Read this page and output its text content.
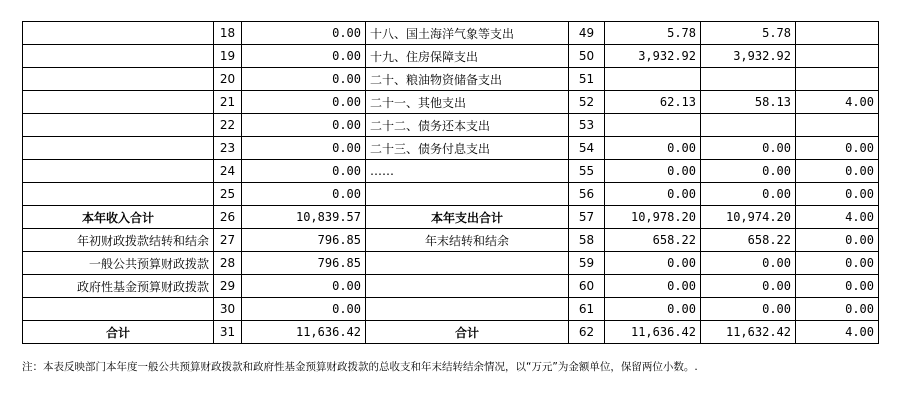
	18	0.00	十八、国土海洋气象等支出	49	5.78	5.78	
	19	0.00	十九、住房保障支出	50	3,932.92	3,932.92	
	20	0.00	二十、粮油物资储备支出	51			
	21	0.00	二十一、其他支出	52	62.13	58.13	4.00
	22	0.00	二十二、债务还本支出	53			
	23	0.00	二十三、债务付息支出	54	0.00	0.00	0.00
	24	0.00	……	55	0.00	0.00	0.00
	25	0.00		56	0.00	0.00	0.00
本年收入合计	26	10,839.57	本年支出合计	57	10,978.20	10,974.20	4.00
年初财政拨款结转和结余	27	796.85	年末结转和结余	58	658.22	658.22	0.00
一般公共预算财政拨款	28	796.85		59	0.00	0.00	0.00
政府性基金预算财政拨款	29	0.00		60	0.00	0.00	0.00
	30	0.00		61	0.00	0.00	0.00
合计	31	11,636.42	合计	62	11,636.42	11,632.42	4.00
注：本表反映部门本年度一般公共预算财政拨款和政府性基金预算财政拨款的总收支和年末结转结余情况，以“万元”为金额单位，保留两位小数。.
